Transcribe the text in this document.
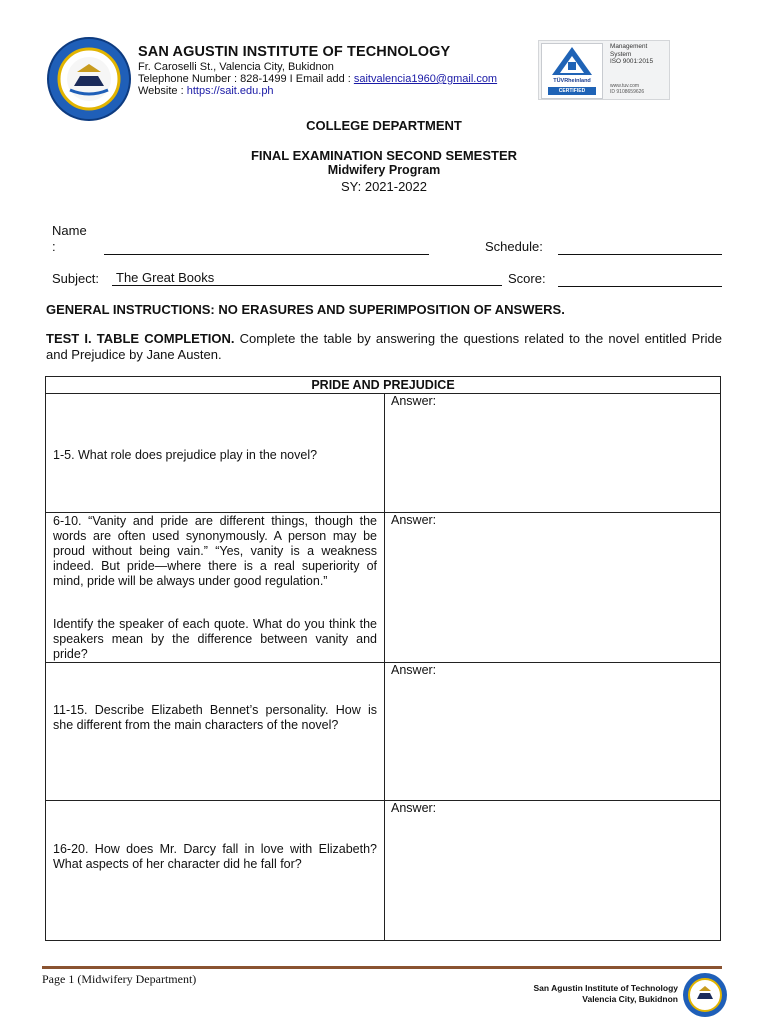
SAN AGUSTIN INSTITUTE OF TECHNOLOGY
Fr. Caroselli St., Valencia City, Bukidnon
Telephone Number : 828-1499 I Email add : saitvalencia1960@gmail.com
Website : https://sait.edu.ph
TÜVRheinland
CERTIFIED
Management
System
ISO 9001:2015
www.tuv.com
ID 9108659626
COLLEGE DEPARTMENT
FINAL EXAMINATION SECOND SEMESTER
Midwifery Program
SY: 2021-2022
Name
:	Schedule:
Subject:	The Great Books	Score:
GENERAL INSTRUCTIONS: NO ERASURES AND SUPERIMPOSITION OF ANSWERS.
TEST I. TABLE COMPLETION. Complete the table by answering the questions related to the novel entitled Pride and Prejudice by Jane Austen.
PRIDE AND PREJUDICE
1-5. What role does prejudice play in the novel?
Answer:
6-10. “Vanity and pride are different things, though the words are often used synonymously. A person may be proud without being vain.” “Yes, vanity is a weakness indeed. But pride—where there is a real superiority of mind, pride will be always under good regulation.”
Identify the speaker of each quote. What do you think the speakers mean by the difference between vanity and pride?
Answer:
11-15. Describe Elizabeth Bennet’s personality. How is she different from the main characters of the novel?
Answer:
16-20. How does Mr. Darcy fall in love with Elizabeth? What aspects of her character did he fall for?
Answer:
Page 1 (Midwifery Department)
San Agustin Institute of Technology
Valencia City, Bukidnon
